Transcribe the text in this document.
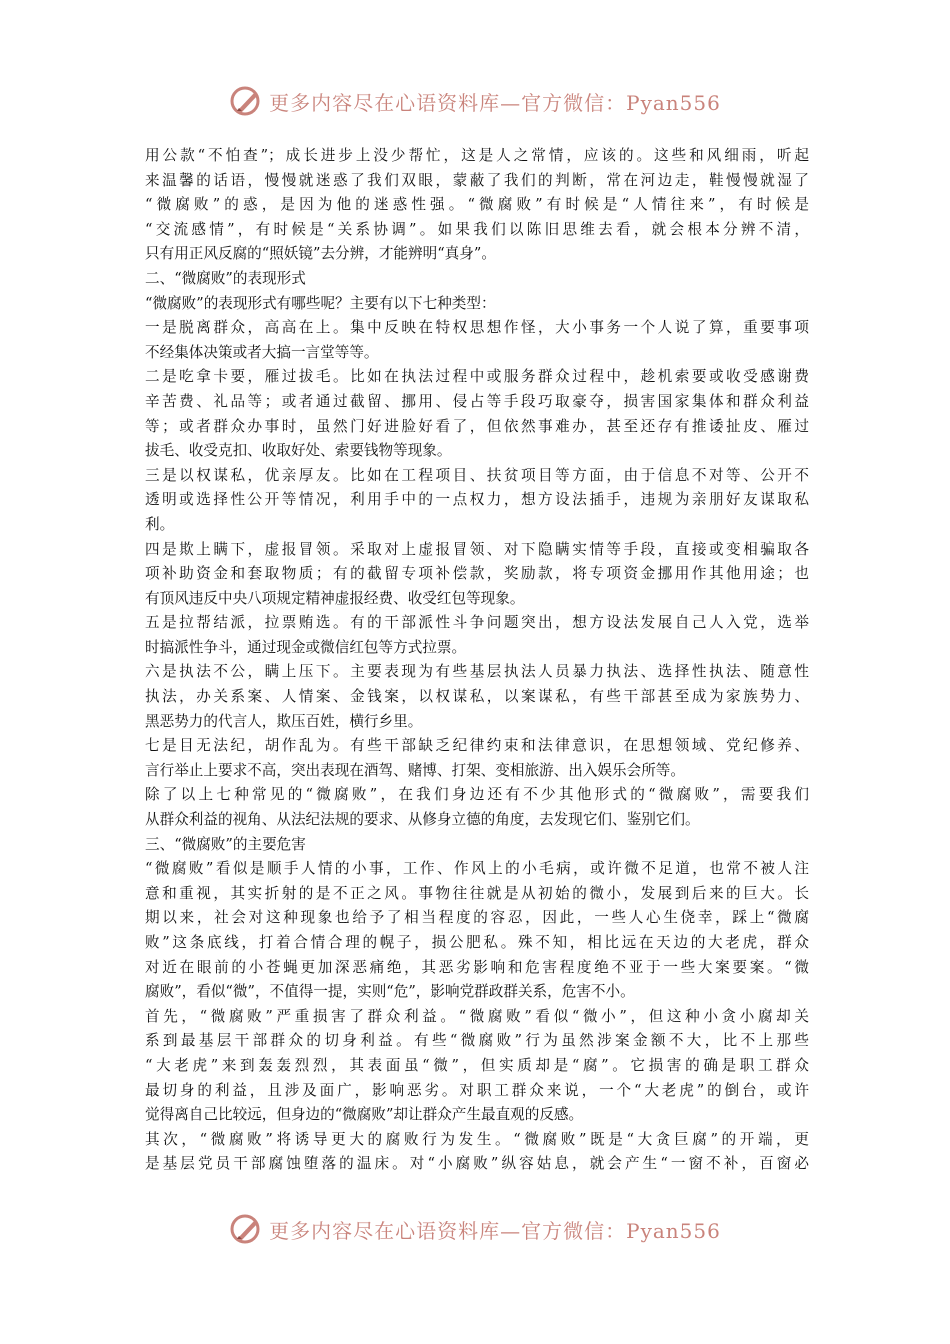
更多内容尽在心语资料库—官方微信：Pyan556
用公款“不怕查”；成长进步上没少帮忙，这是人之常情，应该的。这些和风细雨，听起
来温馨的话语，慢慢就迷惑了我们双眼，蒙蔽了我们的判断，常在河边走，鞋慢慢就湿了
“微腐败”的惑，是因为他的迷惑性强。“微腐败”有时候是“人情往来”，有时候是
“交流感情”，有时候是“关系协调”。如果我们以陈旧思维去看，就会根本分辨不清，
只有用正风反腐的“照妖镜”去分辨，才能辨明“真身”。
二、“微腐败”的表现形式
“微腐败”的表现形式有哪些呢？主要有以下七种类型：
一是脱离群众，高高在上。集中反映在特权思想作怪，大小事务一个人说了算，重要事项
不经集体决策或者大搞一言堂等等。
二是吃拿卡要，雁过拔毛。比如在执法过程中或服务群众过程中，趁机索要或收受感谢费
辛苦费、礼品等；或者通过截留、挪用、侵占等手段巧取豪夺，损害国家集体和群众利益
等；或者群众办事时，虽然门好进脸好看了，但依然事难办，甚至还存有推诿扯皮、雁过
拔毛、收受克扣、收取好处、索要钱物等现象。
三是以权谋私，优亲厚友。比如在工程项目、扶贫项目等方面，由于信息不对等、公开不
透明或选择性公开等情况，利用手中的一点权力，想方设法插手，违规为亲朋好友谋取私
利。
四是欺上瞒下，虚报冒领。采取对上虚报冒领、对下隐瞒实情等手段，直接或变相骗取各
项补助资金和套取物质；有的截留专项补偿款，奖励款，将专项资金挪用作其他用途；也
有顶风违反中央八项规定精神虚报经费、收受红包等现象。
五是拉帮结派，拉票贿选。有的干部派性斗争问题突出，想方设法发展自己人入党，选举
时搞派性争斗，通过现金或微信红包等方式拉票。
六是执法不公，瞒上压下。主要表现为有些基层执法人员暴力执法、选择性执法、随意性
执法，办关系案、人情案、金钱案，以权谋私，以案谋私，有些干部甚至成为家族势力、
黑恶势力的代言人，欺压百姓，横行乡里。
七是目无法纪，胡作乱为。有些干部缺乏纪律约束和法律意识，在思想领域、党纪修养、
言行举止上要求不高，突出表现在酒驾、赌博、打架、变相旅游、出入娱乐会所等。
除了以上七种常见的“微腐败”，在我们身边还有不少其他形式的“微腐败”，需要我们
从群众利益的视角、从法纪法规的要求、从修身立德的角度，去发现它们、鉴别它们。
三、“微腐败”的主要危害
“微腐败”看似是顺手人情的小事，工作、作风上的小毛病，或许微不足道，也常不被人注
意和重视，其实折射的是不正之风。事物往往就是从初始的微小，发展到后来的巨大。长
期以来，社会对这种现象也给予了相当程度的容忍，因此，一些人心生侥幸，踩上“微腐
败”这条底线，打着合情合理的幌子，损公肥私。殊不知，相比远在天边的大老虎，群众
对近在眼前的小苍蝇更加深恶痛绝，其恶劣影响和危害程度绝不亚于一些大案要案。“微
腐败”，看似“微”，不值得一提，实则“危”，影响党群政群关系，危害不小。
首先，“微腐败”严重损害了群众利益。“微腐败”看似“微小”，但这种小贪小腐却关
系到最基层干部群众的切身利益。有些“微腐败”行为虽然涉案金额不大，比不上那些
“大老虎”来到轰轰烈烈，其表面虽“微”，但实质却是“腐”。它损害的确是职工群众
最切身的利益，且涉及面广，影响恶劣。对职工群众来说，一个“大老虎”的倒台，或许
觉得离自己比较远，但身边的“微腐败”却让群众产生最直观的反感。
其次，“微腐败”将诱导更大的腐败行为发生。“微腐败”既是“大贪巨腐”的开端，更
是基层党员干部腐蚀堕落的温床。对“小腐败”纵容姑息，就会产生“一窗不补，百窗必
更多内容尽在心语资料库—官方微信：Pyan556
